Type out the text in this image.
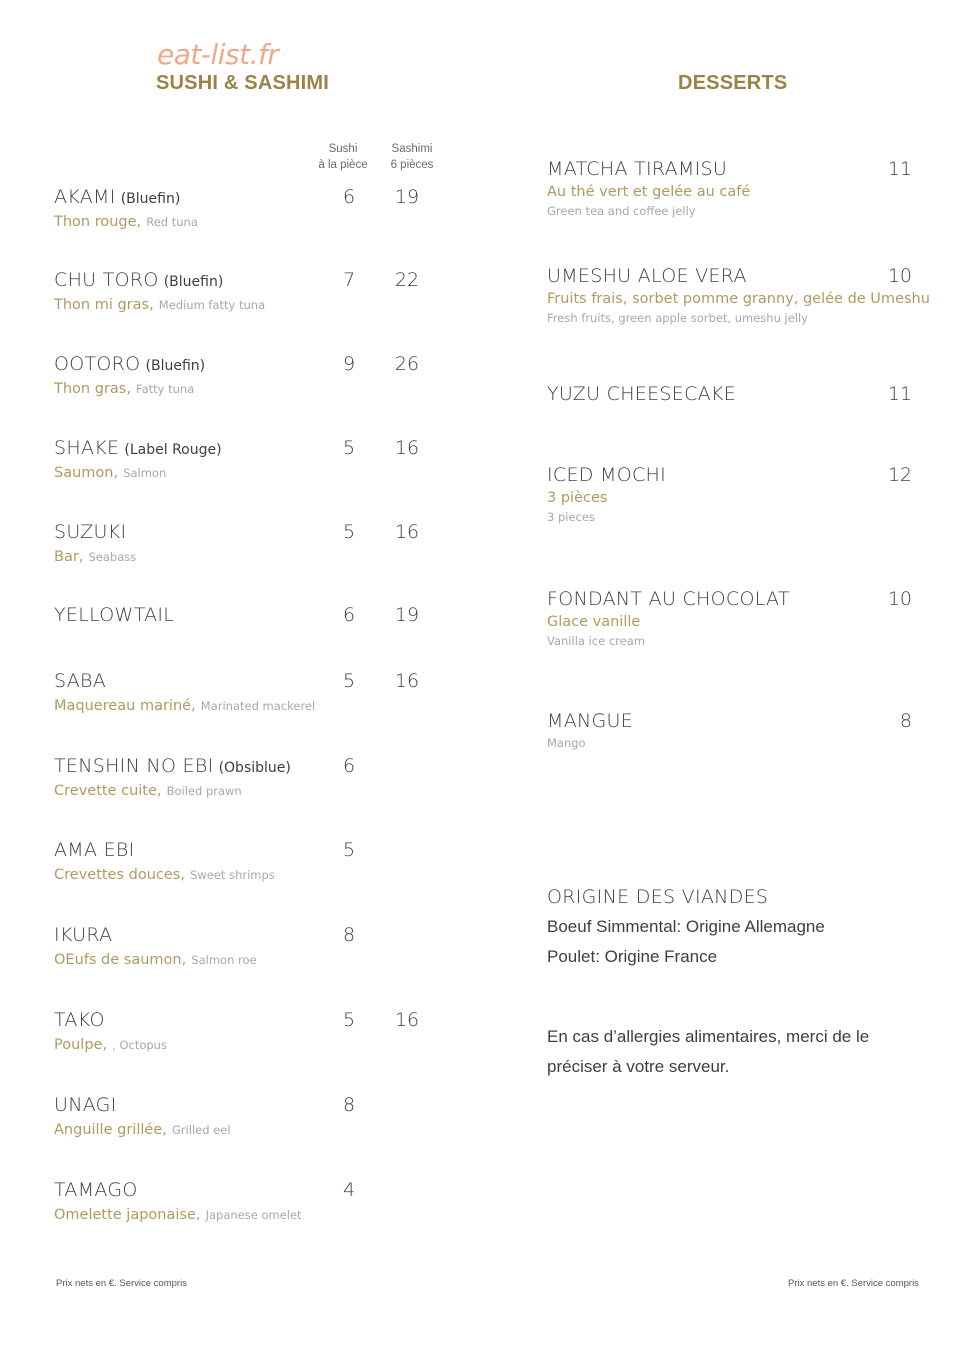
eat-list.fr
SUSHI & SASHIMI	DESSERTS
Sushi
à la pièce
Sashimi
6 pièces
AKAMI (Bluefin)
Thon rouge, Red tuna
6	19
CHU TORO (Bluefin)
Thon mi gras, Medium fatty tuna
7	22
OOTORO (Bluefin)
Thon gras, Fatty tuna
9	26
SHAKE (Label Rouge)
Saumon, Salmon
5	16
SUZUKI
Bar, Seabass
5	16
YELLOWTAIL	6	19
SABA
Maquereau mariné, Marinated mackerel
5	16
TENSHIN NO EBI (Obsiblue)
Crevette cuite, Boiled prawn
6
AMA EBI
Crevettes douces, Sweet shrimps
5
IKURA
OEufs de saumon, Salmon roe
8
TAKO
Poulpe, , Octopus
5	16
UNAGI
Anguille grillée, Grilled eel
8
TAMAGO
Omelette japonaise, Japanese omelet
4
MATCHA TIRAMISU	11
Au thé vert et gelée au café
Green tea and coffee jelly
UMESHU ALOE VERA	10
Fruits frais, sorbet pomme granny, gelée de Umeshu
Fresh fruits, green apple sorbet, umeshu jelly
YUZU CHEESECAKE	11
ICED MOCHI	12
3 pièces
3 pieces
FONDANT AU CHOCOLAT	10
Glace vanille
Vanilla ice cream
MANGUE	8
Mango
ORIGINE DES VIANDES
Boeuf Simmental: Origine Allemagne
Poulet: Origine France
En cas d’allergies alimentaires, merci de le
préciser à votre serveur.
Prix nets en €. Service compris	Prix nets en €. Service compris
